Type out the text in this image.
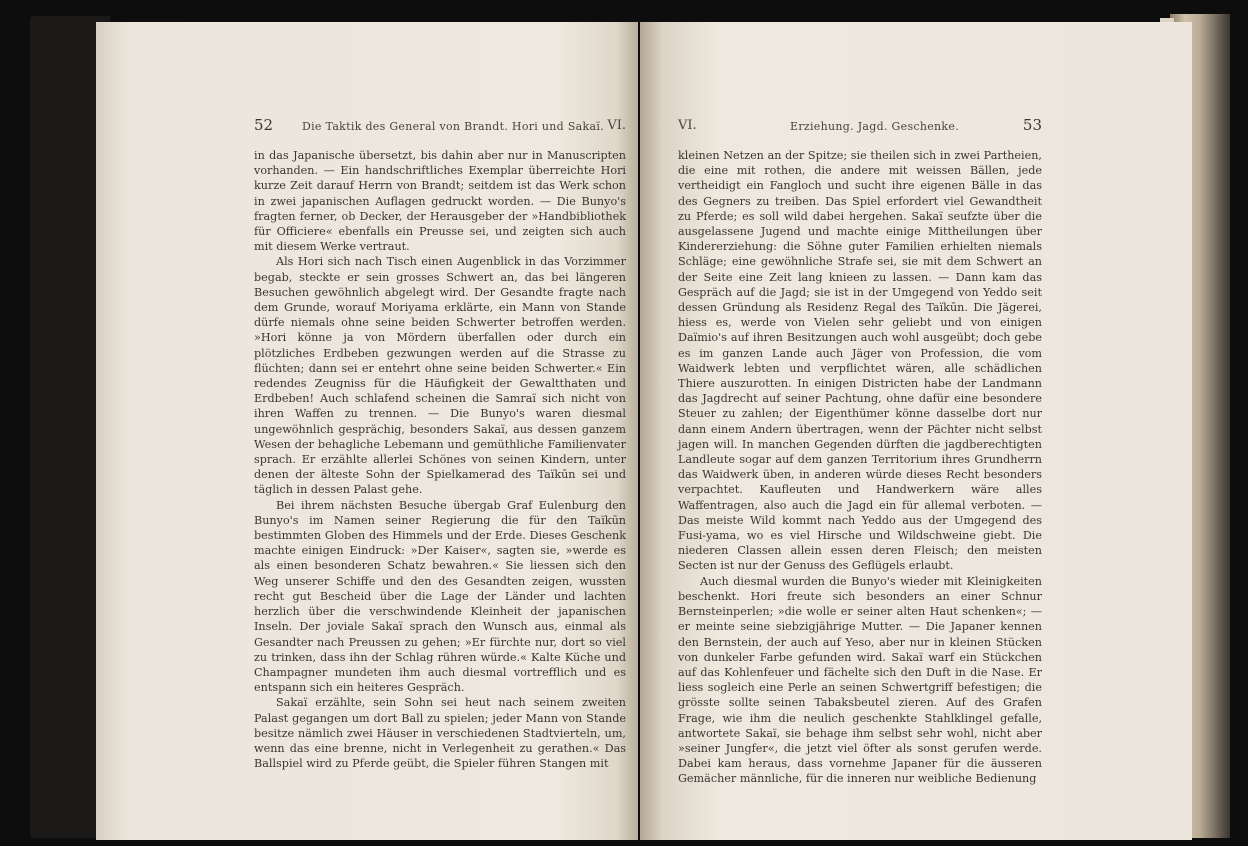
52	Die Taktik des General von Brandt. Hori und Sakaï. VI.

in das Japanische übersetzt, bis dahin aber nur in Manuscripten vorhanden. — Ein handschriftliches Exemplar überreichte Hori kurze Zeit darauf Herrn von Brandt; seitdem ist das Werk schon in zwei japanischen Auflagen gedruckt worden. — Die Bunyo's fragten ferner, ob Decker, der Herausgeber der »Handbibliothek für Officiere« ebenfalls ein Preusse sei, und zeigten sich auch mit diesem Werke vertraut.

Als Hori sich nach Tisch einen Augenblick in das Vorzimmer begab, steckte er sein grosses Schwert an, das bei längeren Besuchen gewöhnlich abgelegt wird. Der Gesandte fragte nach dem Grunde, worauf Moriyama erklärte, ein Mann von Stande dürfe niemals ohne seine beiden Schwerter betroffen werden. »Hori könne ja von Mördern überfallen oder durch ein plötzliches Erdbeben gezwungen werden auf die Strasse zu flüchten; dann sei er entehrt ohne seine beiden Schwerter.« Ein redendes Zeugniss für die Häufigkeit der Gewaltthaten und Erdbeben! Auch schlafend scheinen die Samraï sich nicht von ihren Waffen zu trennen. — Die Bunyo's waren diesmal ungewöhnlich gesprächig, besonders Sakaï, aus dessen ganzem Wesen der behagliche Lebemann und gemüthliche Familienvater sprach. Er erzählte allerlei Schönes von seinen Kindern, unter denen der älteste Sohn der Spielkamerad des Taïkūn sei und täglich in dessen Palast gehe.

Bei ihrem nächsten Besuche übergab Graf Eulenburg den Bunyo's im Namen seiner Regierung die für den Taïkūn bestimmten Globen des Himmels und der Erde. Dieses Geschenk machte einigen Eindruck: »Der Kaiser«, sagten sie, »werde es als einen besonderen Schatz bewahren.« Sie liessen sich den Weg unserer Schiffe und den des Gesandten zeigen, wussten recht gut Bescheid über die Lage der Länder und lachten herzlich über die verschwindende Kleinheit der japanischen Inseln. Der joviale Sakaï sprach den Wunsch aus, einmal als Gesandter nach Preussen zu gehen; »Er fürchte nur, dort so viel zu trinken, dass ihn der Schlag rühren würde.« Kalte Küche und Champagner mundeten ihm auch diesmal vortrefflich und es entspann sich ein heiteres Gespräch.

Sakaï erzählte, sein Sohn sei heut nach seinem zweiten Palast gegangen um dort Ball zu spielen; jeder Mann von Stande besitze nämlich zwei Häuser in verschiedenen Stadtvierteln, um, wenn das eine brenne, nicht in Verlegenheit zu gerathen.« Das Ballspiel wird zu Pferde geübt, die Spieler führen Stangen mit

VI.	Erziehung. Jagd. Geschenke.	53

kleinen Netzen an der Spitze; sie theilen sich in zwei Partheien, die eine mit rothen, die andere mit weissen Bällen, jede vertheidigt ein Fangloch und sucht ihre eigenen Bälle in das des Gegners zu treiben. Das Spiel erfordert viel Gewandtheit zu Pferde; es soll wild dabei hergehen. Sakaï seufzte über die ausgelassene Jugend und machte einige Mittheilungen über Kindererziehung: die Söhne guter Familien erhielten niemals Schläge; eine gewöhnliche Strafe sei, sie mit dem Schwert an der Seite eine Zeit lang knieen zu lassen. — Dann kam das Gespräch auf die Jagd; sie ist in der Umgegend von Yeddo seit dessen Gründung als Residenz Regal des Taïkūn. Die Jägerei, hiess es, werde von Vielen sehr geliebt und von einigen Daïmio's auf ihren Besitzungen auch wohl ausgeübt; doch gebe es im ganzen Lande auch Jäger von Profession, die vom Waidwerk lebten und verpflichtet wären, alle schädlichen Thiere auszurotten. In einigen Districten habe der Landmann das Jagdrecht auf seiner Pachtung, ohne dafür eine besondere Steuer zu zahlen; der Eigenthümer könne dasselbe dort nur dann einem Andern übertragen, wenn der Pächter nicht selbst jagen will. In manchen Gegenden dürften die jagdberechtigten Landleute sogar auf dem ganzen Territorium ihres Grundherrn das Waidwerk üben, in anderen würde dieses Recht besonders verpachtet. Kaufleuten und Handwerkern wäre alles Waffentragen, also auch die Jagd ein für allemal verboten. — Das meiste Wild kommt nach Yeddo aus der Umgegend des Fusi-yama, wo es viel Hirsche und Wildschweine giebt. Die niederen Classen allein essen deren Fleisch; den meisten Secten ist nur der Genuss des Geflügels erlaubt.

Auch diesmal wurden die Bunyo's wieder mit Kleinigkeiten beschenkt. Hori freute sich besonders an einer Schnur Bernsteinperlen; »die wolle er seiner alten Haut schenken«; — er meinte seine siebzigjährige Mutter. — Die Japaner kennen den Bernstein, der auch auf Yeso, aber nur in kleinen Stücken von dunkeler Farbe gefunden wird. Sakaï warf ein Stückchen auf das Kohlenfeuer und fächelte sich den Duft in die Nase. Er liess sogleich eine Perle an seinen Schwertgriff befestigen; die grösste sollte seinen Tabaksbeutel zieren. Auf des Grafen Frage, wie ihm die neulich geschenkte Stahlklingel gefalle, antwortete Sakaï, sie behage ihm selbst sehr wohl, nicht aber »seiner Jungfer«, die jetzt viel öfter als sonst gerufen werde. Dabei kam heraus, dass vornehme Japaner für die äusseren Gemächer männliche, für die inneren nur weibliche Bedienung
